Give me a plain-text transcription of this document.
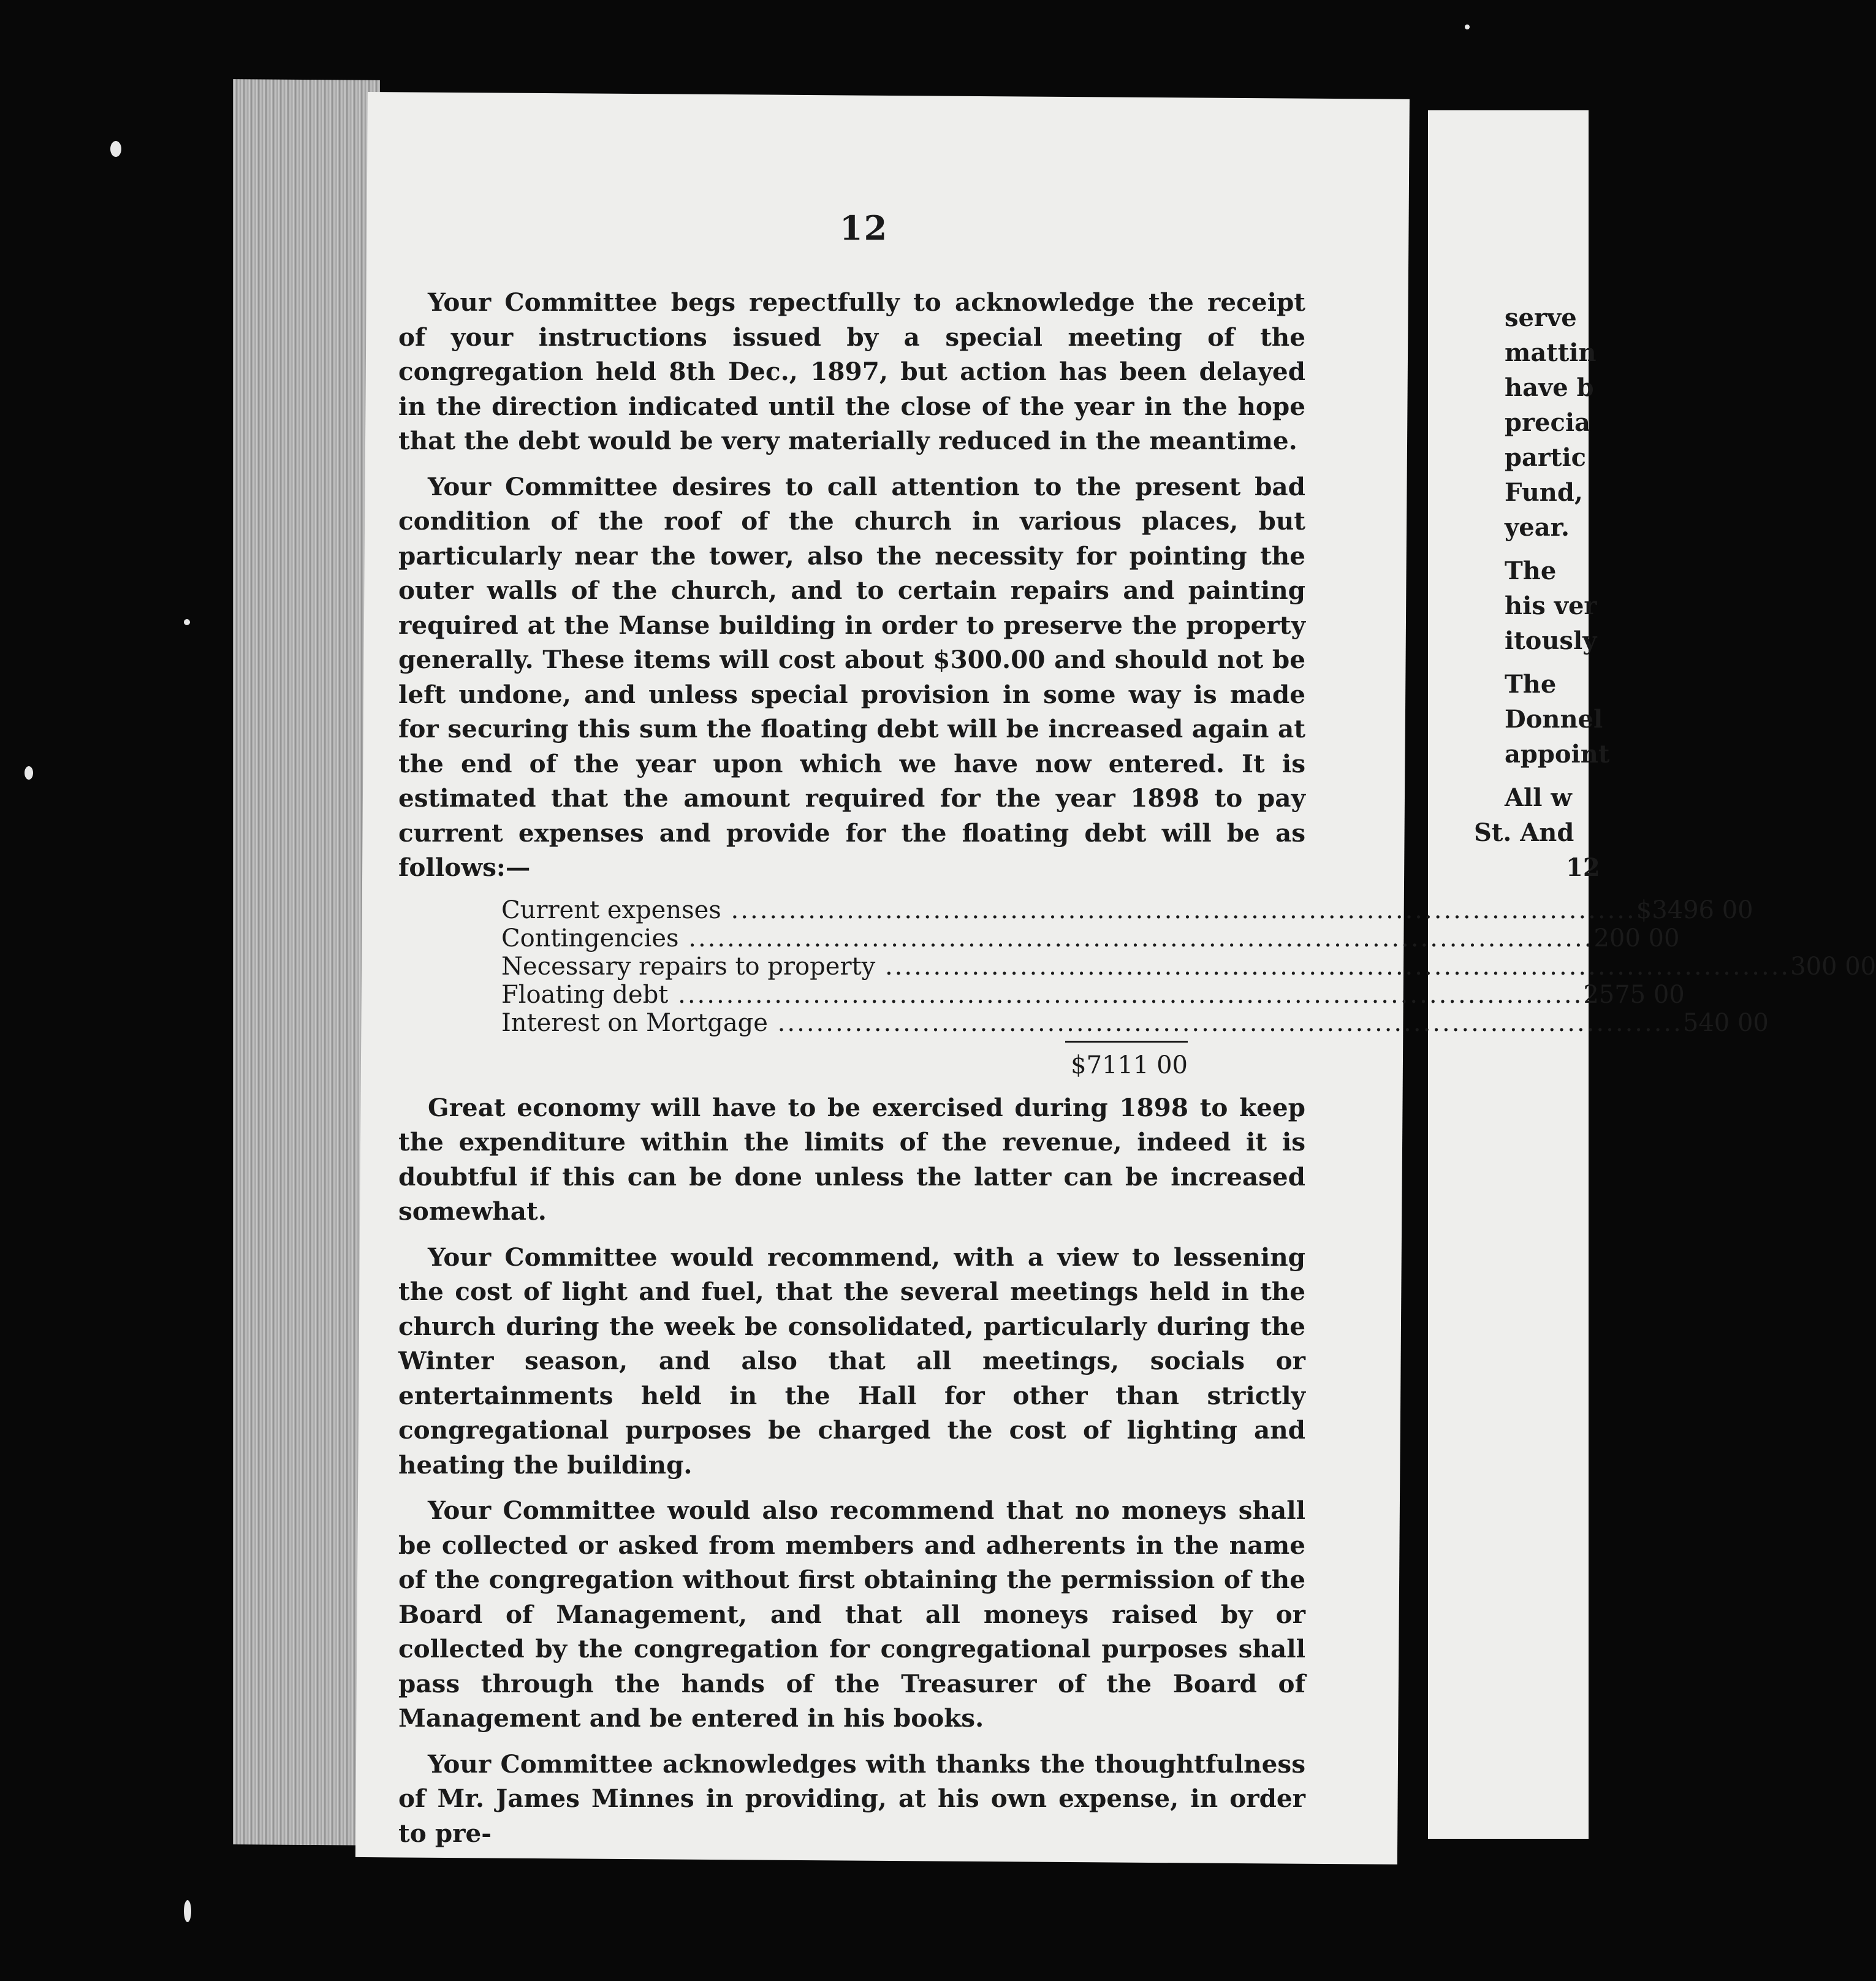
12

Your Committee begs repectfully to acknowledge the receipt of your instructions issued by a special meeting of the congregation held 8th Dec., 1897, but action has been delayed in the direction indicated until the close of the year in the hope that the debt would be very materially reduced in the meantime.

Your Committee desires to call attention to the present bad condition of the roof of the church in various places, but particularly near the tower, also the necessity for pointing the outer walls of the church, and to certain repairs and painting required at the Manse building in order to preserve the property generally. These items will cost about $300.00 and should not be left undone, and unless special provision in some way is made for securing this sum the floating debt will be increased again at the end of the year upon which we have now entered. It is estimated that the amount required for the year 1898 to pay current expenses and provide for the floating debt will be as follows:—

Current expenses .....	$3496 00
Contingencies .....	200 00
Necessary repairs to property .....	300 00
Floating debt .....	2575 00
Interest on Mortgage .....	540 00
$7111 00

Great economy will have to be exercised during 1898 to keep the expenditure within the limits of the revenue, indeed it is doubtful if this can be done unless the latter can be increased somewhat.

Your Committee would recommend, with a view to lessening the cost of light and fuel, that the several meetings held in the church during the week be consolidated, particularly during the Winter season, and also that all meetings, socials or entertainments held in the Hall for other than strictly congregational purposes be charged the cost of lighting and heating the building.

Your Committee would also recommend that no moneys shall be collected or asked from members and adherents in the name of the congregation without first obtaining the permission of the Board of Management, and that all moneys raised by or collected by the congregation for congregational purposes shall pass through the hands of the Treasurer of the Board of Management and be entered in his books.

Your Committee acknowledges with thanks the thoughtfulness of Mr. James Minnes in providing, at his own expense, in order to pre-

serve
mattin
have b
precia
partic
Fund,
year.
The
his ver
itously
The
Donnel
appoint
All w
St. And
12
